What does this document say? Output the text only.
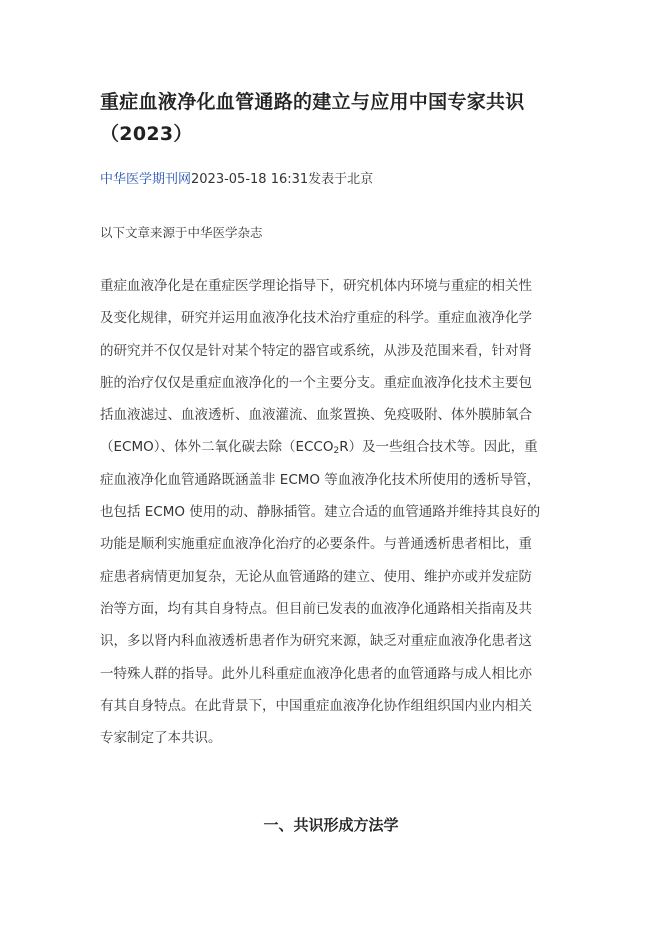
重症血液净化血管通路的建立与应用中国专家共识（2023）
中华医学期刊网2023-05-18 16:31发表于北京
以下文章来源于中华医学杂志
重症血液净化是在重症医学理论指导下，研究机体内环境与重症的相关性
及变化规律，研究并运用血液净化技术治疗重症的科学。重症血液净化学
的研究并不仅仅是针对某个特定的器官或系统，从涉及范围来看，针对肾
脏的治疗仅仅是重症血液净化的一个主要分支。重症血液净化技术主要包
括血液滤过、血液透析、血液灌流、血浆置换、免疫吸附、体外膜肺氧合
（ECMO）、体外二氧化碳去除$(ECCO_2R)$及一些组合技术等。因此，重
症血液净化血管通路既涵盖非 ECMO 等血液净化技术所使用的透析导管，
也包括 ECMO 使用的动、静脉插管。建立合适的血管通路并维持其良好的
功能是顺利实施重症血液净化治疗的必要条件。与普通透析患者相比，重
症患者病情更加复杂，无论从血管通路的建立、使用、维护亦或并发症防
治等方面，均有其自身特点。但目前已发表的血液净化通路相关指南及共
识，多以肾内科血液透析患者作为研究来源，缺乏对重症血液净化患者这
一特殊人群的指导。此外儿科重症血液净化患者的血管通路与成人相比亦
有其自身特点。在此背景下，中国重症血液净化协作组组织国内业内相关
专家制定了本共识。
一、共识形成方法学
